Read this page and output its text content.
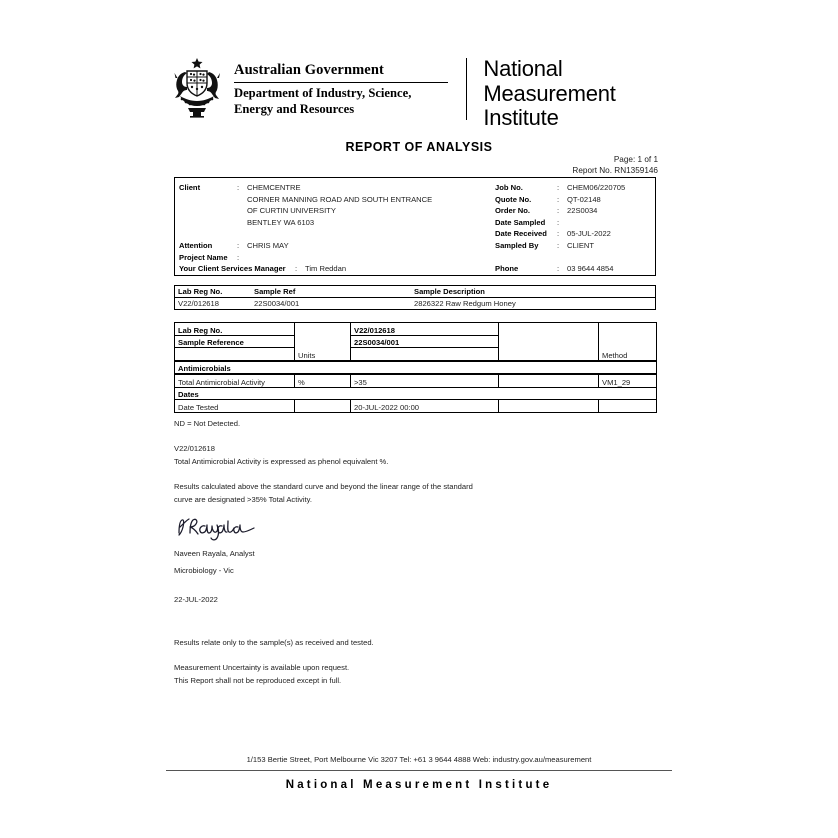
Australian Government
Department of Industry, Science,
Energy and Resources
National
Measurement
Institute
REPORT OF ANALYSIS
Page: 1 of 1
Report No. RN1359146
Client	:	CHEMCENTRE
CORNER MANNING ROAD AND SOUTH ENTRANCE
OF CURTIN UNIVERSITY
BENTLEY WA 6103
Attention	:	CHRIS MAY
Project Name	:
Your Client Services Manager	:	Tim Reddan
Job No.	:	CHEM06/220705
Quote No.	:	QT-02148
Order No.	:	22S0034
Date Sampled	:
Date Received	:	05-JUL-2022
Sampled By	:	CLIENT
Phone	:	03 9644 4854
Lab Reg No.	Sample Ref	Sample Description

V22/012618	22S0034/001	2826322 Raw Redgum Honey
Lab Reg No.	Units	V22/012618		Method
Sample Reference		22S0034/001		

Antimicrobials				
Total Antimicrobial Activity	%	>35		VM1_29
Dates				
Date Tested		20-JUL-2022 00:00		

ND = Not Detected.

V22/012618

Total Antimicrobial Activity is expressed as phenol equivalent %.

Results calculated above the standard curve and beyond the linear range of the standard

curve are designated >35% Total Activity.

Naveen Rayala, Analyst
Microbiology - Vic
22-JUL-2022

Results relate only to the sample(s) as received and tested.

Measurement Uncertainty is available upon request.

This Report shall not be reproduced except in full.

1/153 Bertie Street, Port Melbourne Vic 3207 Tel: +61 3 9644 4888 Web: industry.gov.au/measurement
National Measurement Institute
